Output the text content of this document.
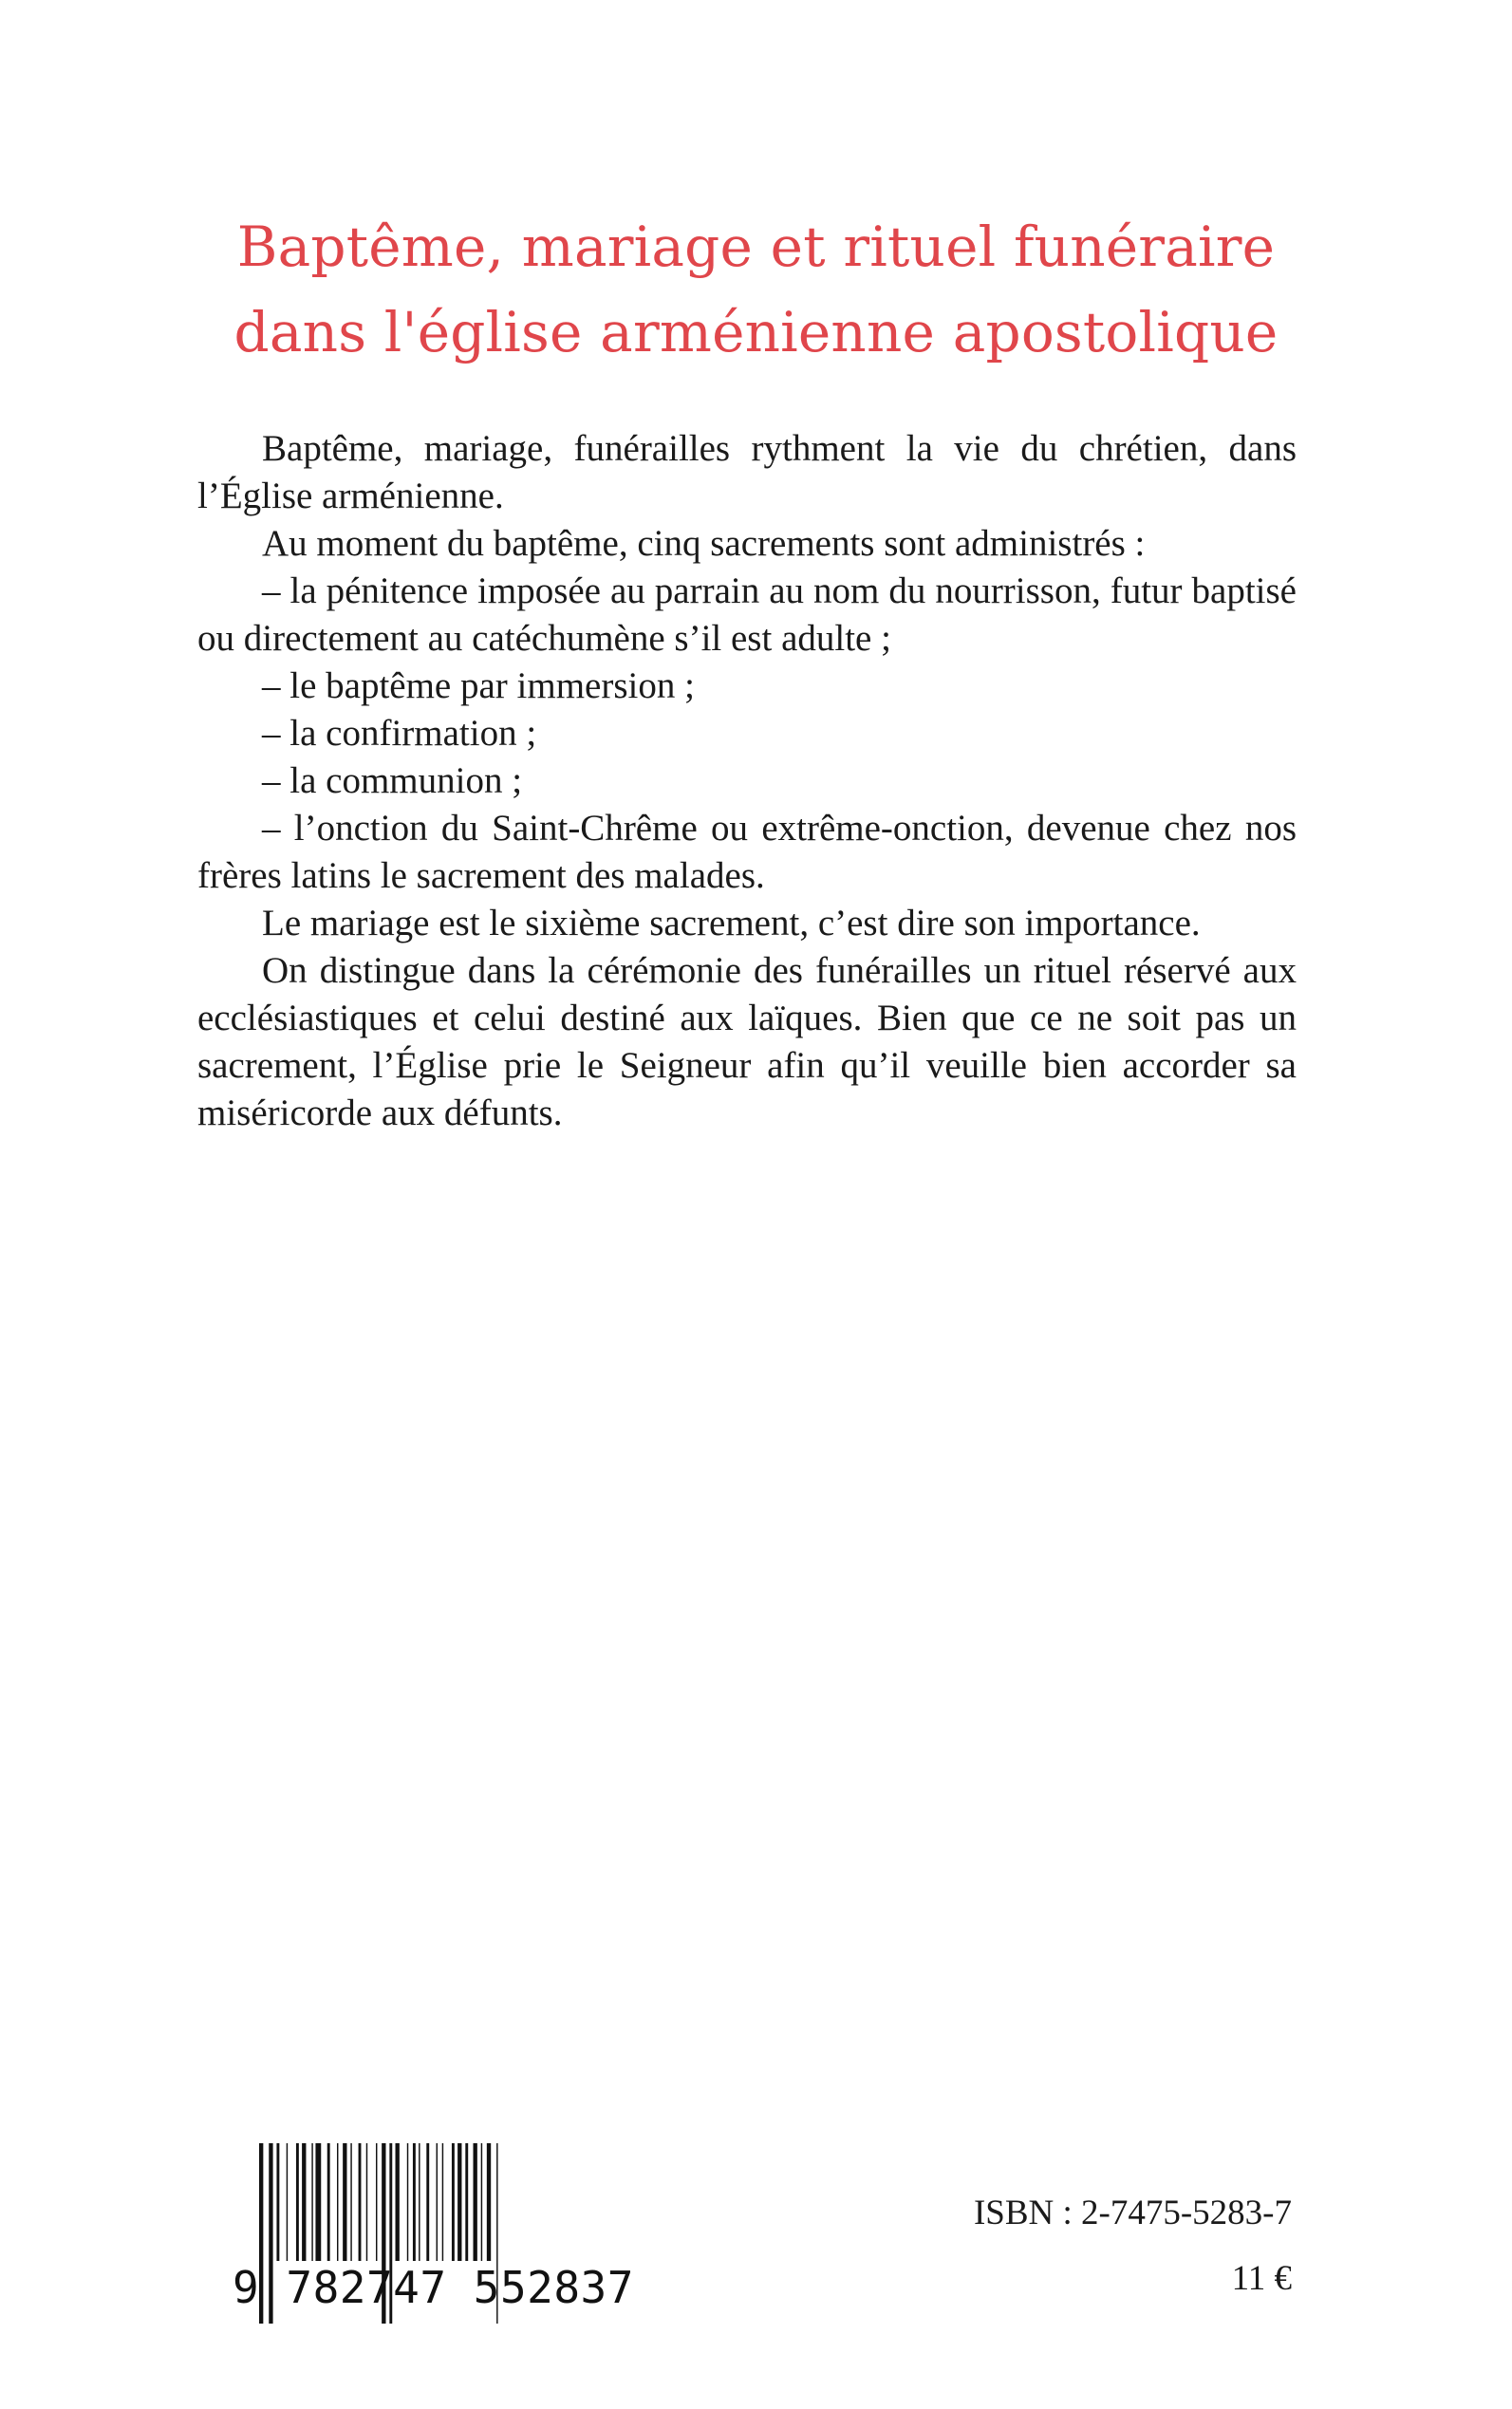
Baptême, mariage et rituel funéraire
dans l'église arménienne apostolique

Baptême, mariage, funérailles rythment la vie du chrétien, dans l’Église arménienne.

Au moment du baptême, cinq sacrements sont administrés :

– la pénitence imposée au parrain au nom du nourrisson, futur baptisé ou directement au catéchumène s’il est adulte ;

– le baptême par immersion ;

– la confirmation ;

– la communion ;

– l’onction du Saint-Chrême ou extrême-onction, devenue chez nos frères latins le sacrement des malades.

Le mariage est le sixième sacrement, c’est dire son importance.

On distingue dans la cérémonie des funérailles un rituel réservé aux ecclésiastiques et celui destiné aux laïques. Bien que ce ne soit pas un sacrement, l’Église prie le Seigneur afin qu’il veuille bien accorder sa miséricorde aux défunts.

9 782747 552837
ISBN : 2-7475-5283-7
11 €
